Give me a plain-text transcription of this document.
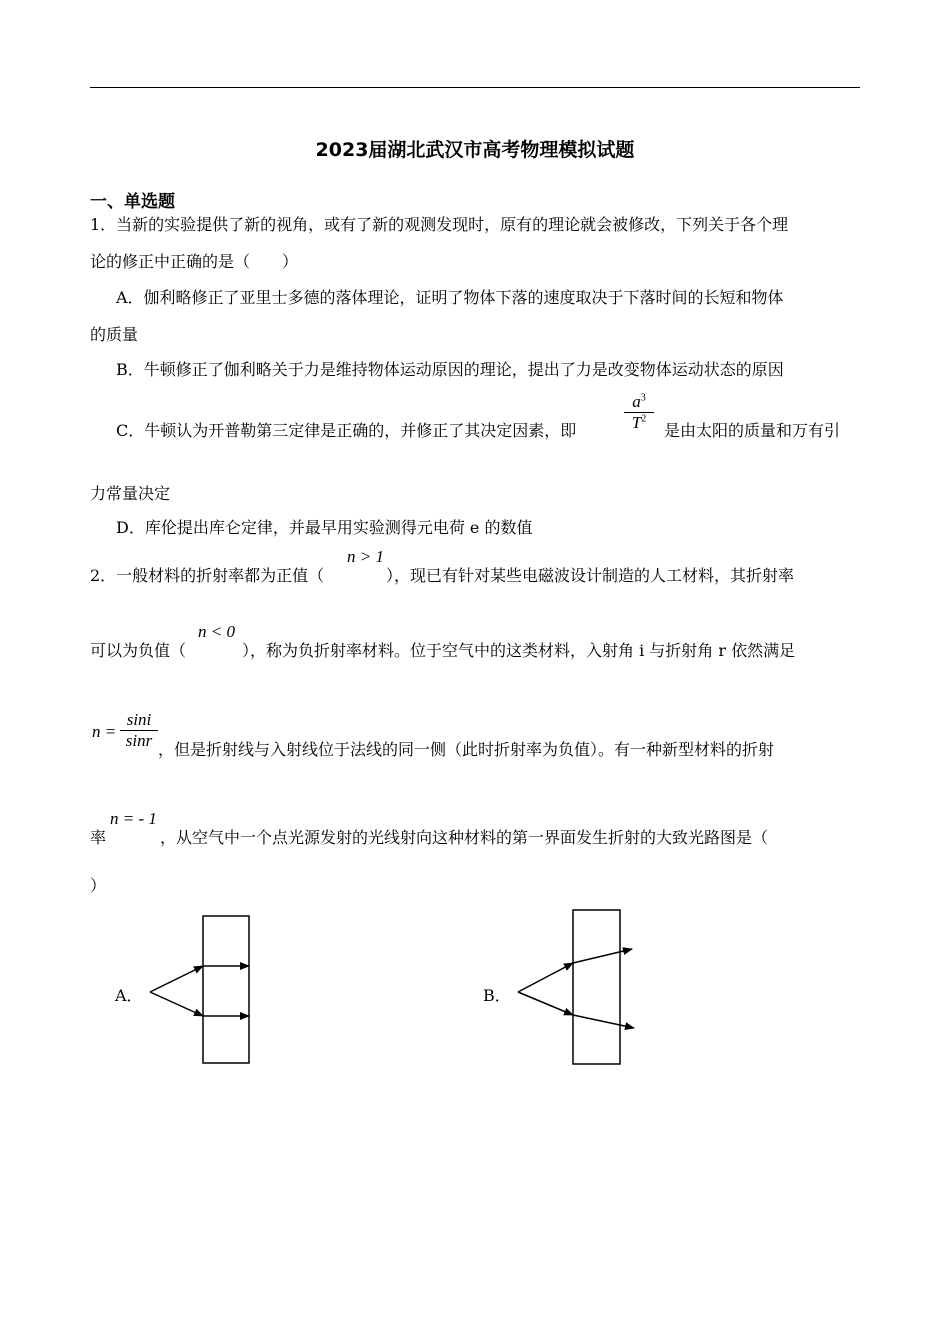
2023届湖北武汉市高考物理模拟试题
一、单选题
1．当新的实验提供了新的视角，或有了新的观测发现时，原有的理论就会被修改，下列关于各个理
论的修正中正确的是（　　）
A．伽利略修正了亚里士多德的落体理论，证明了物体下落的速度取决于下落时间的长短和物体
的质量
B．牛顿修正了伽利略关于力是维持物体运动原因的理论，提出了力是改变物体运动状态的原因
C．牛顿认为开普勒第三定律是正确的，并修正了其决定因素，即
$a^3$
$T^2$
是由太阳的质量和万有引
力常量决定
D．库伦提出库仑定律，并最早用实验测得元电荷 e 的数值
2．一般材料的折射率都为正值（
n > 1
），现已有针对某些电磁波设计制造的人工材料，其折射率
可以为负值（
n < 0
），称为负折射率材料。位于空气中的这类材料，入射角 i 与折射角 r 依然满足
n =
sini
sinr ，但是折射线与入射线位于法线的同一侧（此时折射率为负值）。有一种新型材料的折射
率
n = - 1
，从空气中一个点光源发射的光线射向这种材料的第一界面发生折射的大致光路图是（
）
A．	B．
